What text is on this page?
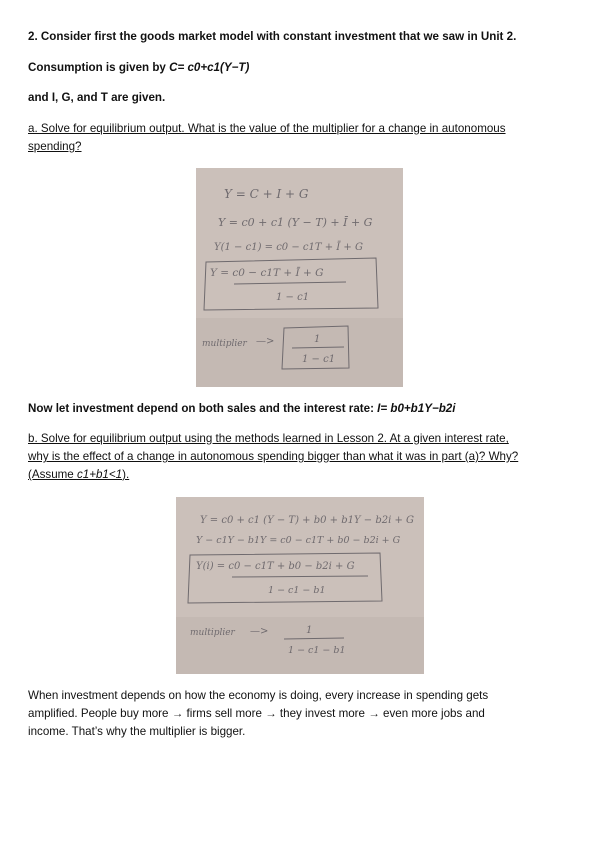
2. Consider first the goods market model with constant investment that we saw in Unit 2.
Consumption is given by C= c0+c1(Y−T)
and I, G, and T are given.
a. Solve for equilibrium output. What is the value of the multiplier for a change in autonomous
spending?
Y = C + I + G
Y = c0 + c1 (Y − T) + Ī + G
Y(1 − c1) = c0 − c1T + Ī + G
Y = c0 − c1T + Ī + G
1 − c1
multiplier —>	1
1 − c1
Now let investment depend on both sales and the interest rate: I= b0+b1Y−b2i
b. Solve for equilibrium output using the methods learned in Lesson 2. At a given interest rate,
why is the effect of a change in autonomous spending bigger than what it was in part (a)? Why?
(Assume c1+b1<1).
Y = c0 + c1 (Y − T) + b0 + b1Y − b2i + G
Y − c1Y − b1Y = c0 − c1T + b0 − b2i + G
Y(i) = c0 − c1T + b0 − b2i + G
1 − c1 − b1
multiplier —>	1
1 − c1 − b1
When investment depends on how the economy is doing, every increase in spending gets
amplified. People buy more → firms sell more → they invest more → even more jobs and
income. That’s why the multiplier is bigger.
